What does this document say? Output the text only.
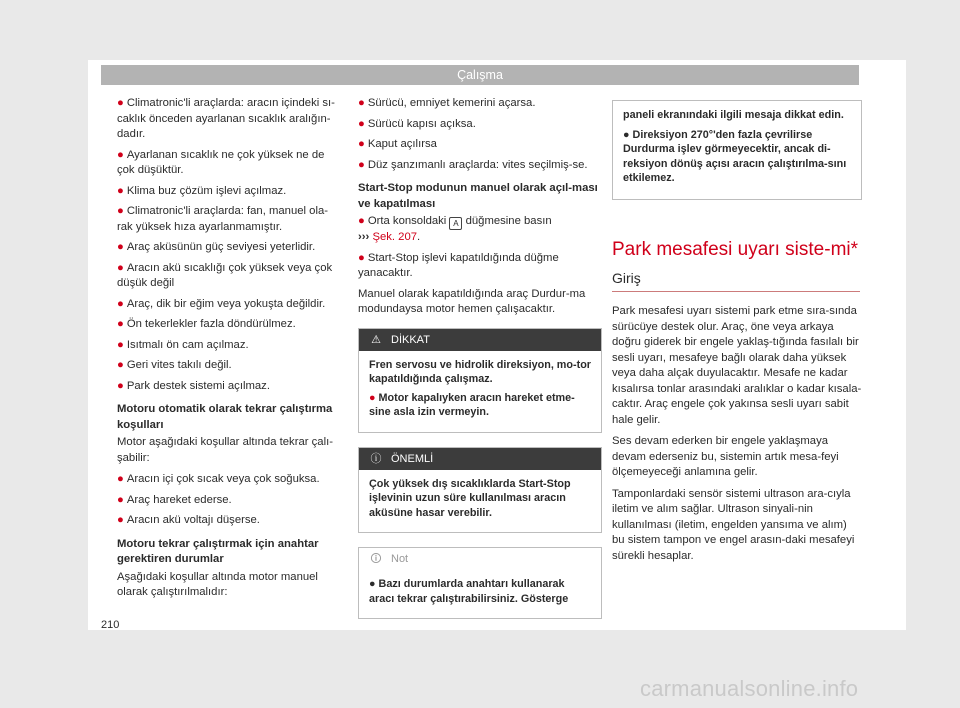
Çalışma
● Climatronic'li araçlarda: aracın içindeki sı-caklık önceden ayarlanan sıcaklık aralığın-dadır.
● Ayarlanan sıcaklık ne çok yüksek ne de çok düşüktür.
● Klima buz çözüm işlevi açılmaz.
● Climatronic'li araçlarda: fan, manuel ola-rak yüksek hıza ayarlanmamıştır.
● Araç aküsünün güç seviyesi yeterlidir.
● Aracın akü sıcaklığı çok yüksek veya çok düşük değil
● Araç, dik bir eğim veya yokuşta değildir.
● Ön tekerlekler fazla döndürülmez.
● Isıtmalı ön cam açılmaz.
● Geri vites takılı değil.
● Park destek sistemi açılmaz.
Motoru otomatik olarak tekrar çalıştırma koşulları

Motor aşağıdaki koşullar altında tekrar çalı-şabilir:

● Aracın içi çok sıcak veya çok soğuksa.
● Araç hareket ederse.
● Aracın akü voltajı düşerse.
Motoru tekrar çalıştırmak için anahtar gerektiren durumlar

Aşağıdaki koşullar altında motor manuel olarak çalıştırılmalıdır:

● Sürücü, emniyet kemerini açarsa.
● Sürücü kapısı açıksa.
● Kaput açılırsa
● Düz şanzımanlı araçlarda: vites seçilmiş-se.
Start-Stop modunun manuel olarak açıl-ması ve kapatılması
● Orta konsoldaki A düğmesine basın
››› Şek. 207.
● Start-Stop işlevi kapatıldığında düğme yanacaktır.

Manuel olarak kapatıldığında araç Durdur-ma modundaysa motor hemen çalışacaktır.

⚠ DİKKAT

Fren servosu ve hidrolik direksiyon, mo-tor kapatıldığında çalışmaz.

● Motor kapalıyken aracın hareket etme-sine asla izin vermeyin.

ⓘ ÖNEMLİ

Çok yüksek dış sıcaklıklarda Start-Stop işlevinin uzun süre kullanılması aracın aküsüne hasar verebilir.

🛈 Not

● Bazı durumlarda anahtarı kullanarak aracı tekrar çalıştırabilirsiniz. Gösterge

paneli ekranındaki ilgili mesaja dikkat edin.

● Direksiyon 270°'den fazla çevrilirse Durdurma işlev görmeyecektir, ancak di-reksiyon dönüş açısı aracın çalıştırılma-sını etkilemez.

Park mesafesi uyarı siste-mi*
Giriş

Park mesafesi uyarı sistemi park etme sıra-sında sürücüye destek olur. Araç, öne veya arkaya doğru giderek bir engele yaklaş-tığında fasılalı bir sesli uyarı, mesafeye bağlı olarak daha yüksek veya daha alçak duyulacaktır. Mesafe ne kadar kısalırsa tonlar arasındaki aralıklar o kadar kısala-caktır. Araç engele çok yakınsa sesli uyarı sabit hale gelir.

Ses devam ederken bir engele yaklaşmaya devam ederseniz bu, sistemin artık mesa-feyi ölçemeyeceği anlamına gelir.

Tamponlardaki sensör sistemi ultrason ara-cıyla iletim ve alım sağlar. Ultrason sinyali-nin kullanılması (iletim, engelden yansıma ve alım) bu sistem tampon ve engel arasın-daki mesafeyi sürekli hesaplar.

210
carmanualsonline.info
